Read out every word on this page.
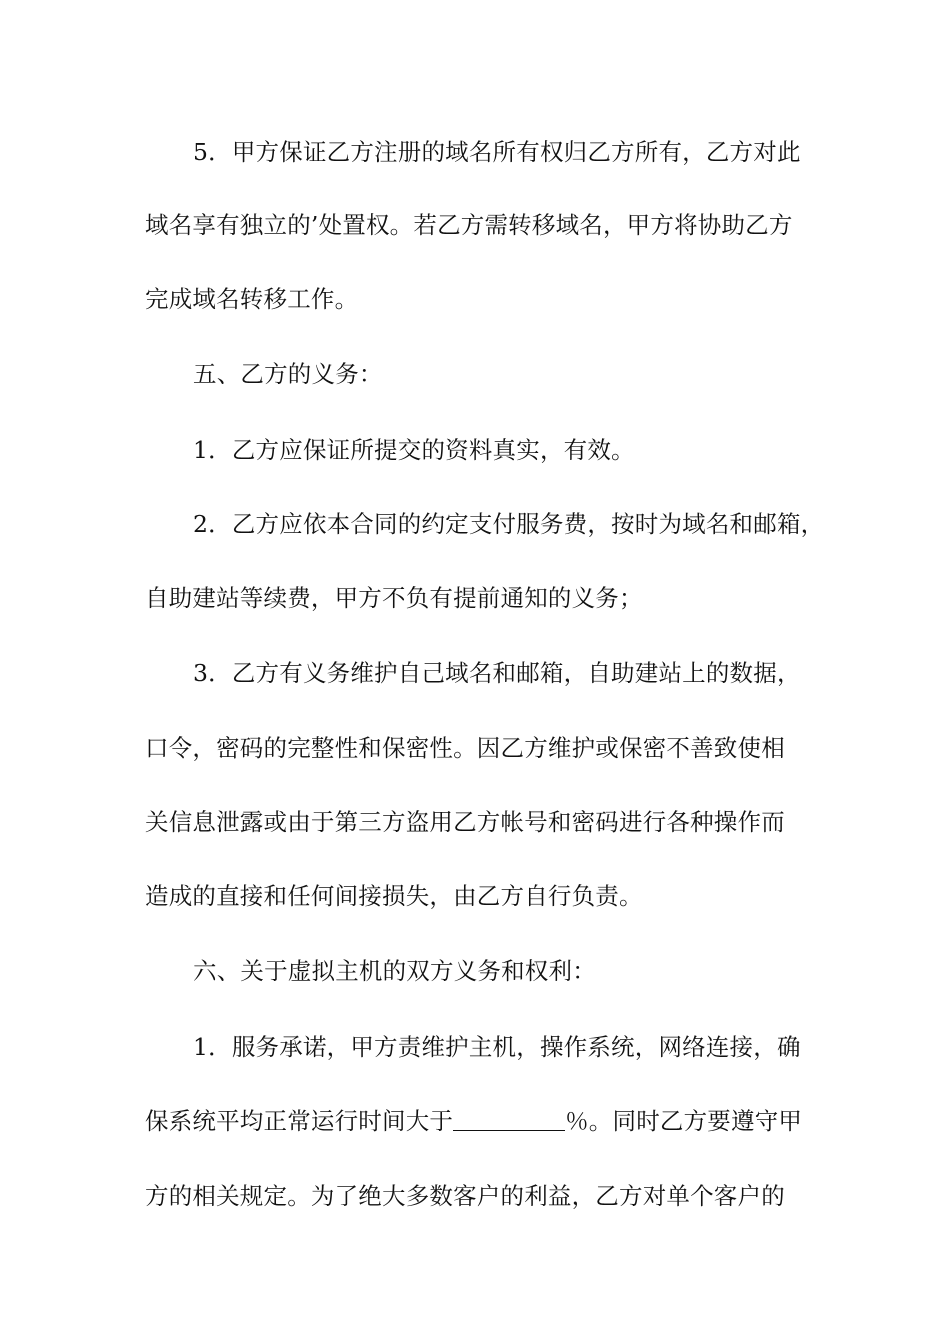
5．甲方保证乙方注册的域名所有权归乙方所有，乙方对此
域名享有独立的’处置权。若乙方需转移域名，甲方将协助乙方
完成域名转移工作。
五、乙方的义务：
1．乙方应保证所提交的资料真实，有效。
2．乙方应依本合同的约定支付服务费，按时为域名和邮箱，
自助建站等续费，甲方不负有提前通知的义务；
3．乙方有义务维护自己域名和邮箱，自助建站上的数据，
口令，密码的完整性和保密性。因乙方维护或保密不善致使相
关信息泄露或由于第三方盗用乙方帐号和密码进行各种操作而
造成的直接和任何间接损失，由乙方自行负责。
六、关于虚拟主机的双方义务和权利：
1．服务承诺，甲方责维护主机，操作系统，网络连接，确
保系统平均正常运行时间大于	％。同时乙方要遵守甲
方的相关规定。为了绝大多数客户的利益，乙方对单个客户的
